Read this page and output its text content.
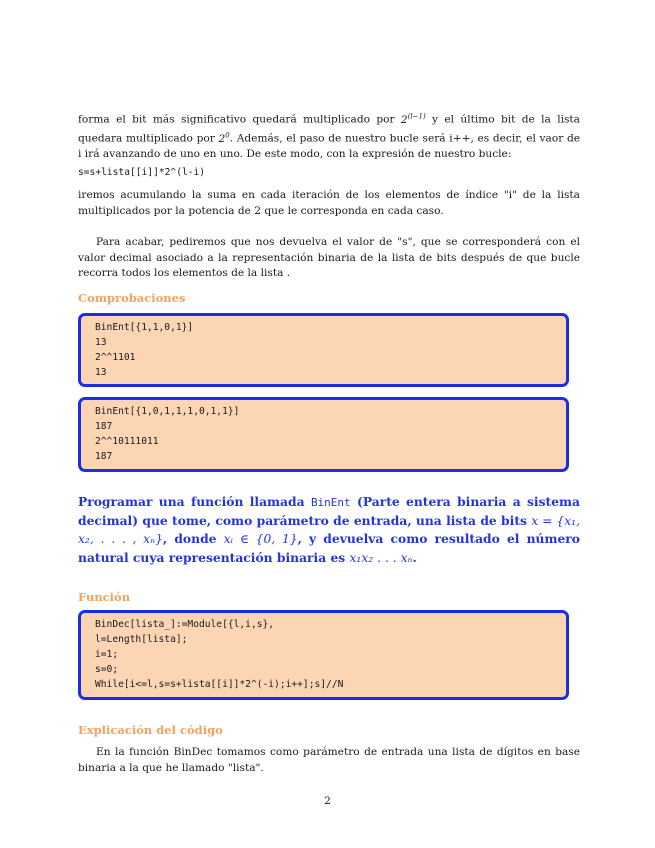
forma el bit más significativo quedará multiplicado por $2^{(l-1)}$ y el último bit de la lista quedara multiplicado por $2^0$. Además, el paso de nuestro bucle será i++, es decir, el vaor de i irá avanzando de uno en uno. De este modo, con la expresión de nuestro bucle:

s=s+lista[[i]]*2^(l-i)

iremos acumulando la suma en cada iteración de los elementos de índice "i" de la lista multiplicados por la potencia de 2 que le corresponda en cada caso.

Para acabar, pediremos que nos devuelva el valor de "s", que se corresponderá con el valor decimal asociado a la representación binaria de la lista de bits después de que bucle recorra todos los elementos de la lista .

Comprobaciones
BinEnt[{1,1,0,1}]
13
2^^1101
13
BinEnt[{1,0,1,1,1,0,1,1}]
187
2^^10111011
187

Programar una función llamada BinEnt (Parte entera binaria a sistema decimal) que tome, como parámetro de entrada, una lista de bits x = {x₁, x₂, . . . , xₙ}, donde xᵢ ∈ {0, 1}, y devuelva como resultado el número natural cuya representación binaria es x₁x₂ . . . xₙ.

Función
BinDec[lista_]:=Module[{l,i,s},
l=Length[lista];
i=1;
s=0;
While[i<=l,s=s+lista[[i]]*2^(-i);i++];s]//N
Explicación del código

En la función BinDec tomamos como parámetro de entrada una lista de dígitos en base binaria a la que he llamado "lista".

2
